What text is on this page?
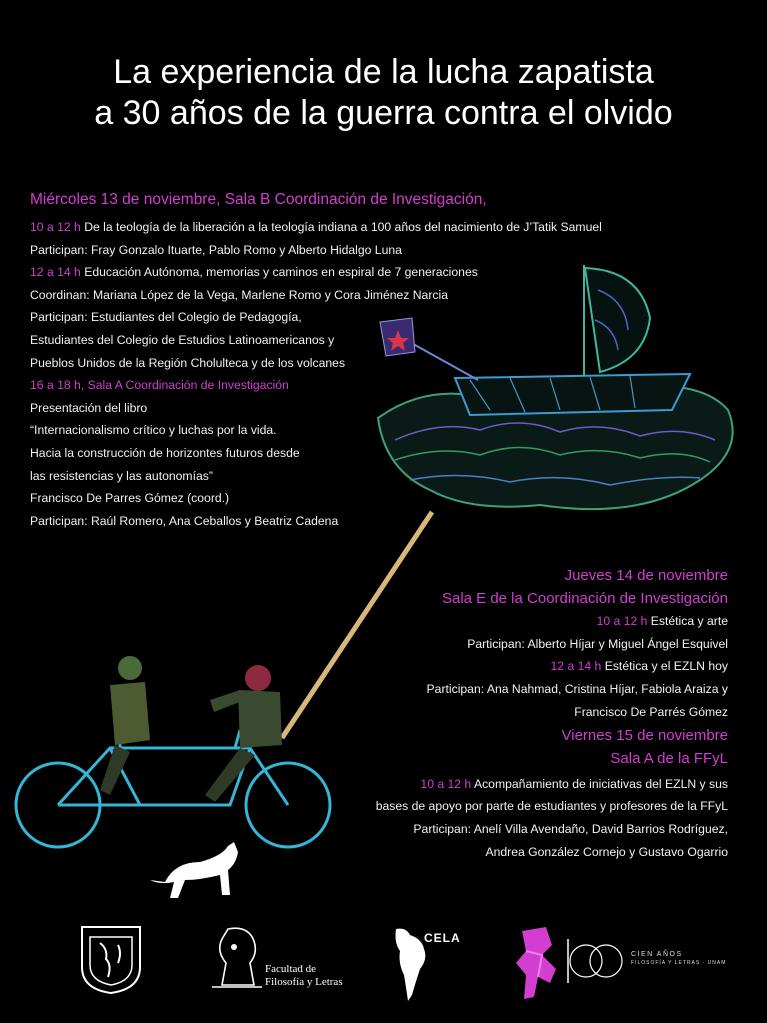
La experiencia de la lucha zapatista
a 30 años de la guerra contra el olvido
Miércoles 13 de noviembre, Sala B Coordinación de Investigación,
10 a 12 h De la teología de la liberación a la teología indiana a 100 años del nacimiento de J’Tatik Samuel
Participan: Fray Gonzalo Ituarte, Pablo Romo y Alberto Hidalgo Luna
12 a 14 h Educación Autónoma, memorias y caminos en espiral de 7 generaciones
Coordinan: Mariana López de la Vega, Marlene Romo y Cora Jiménez Narcia
Participan: Estudiantes del Colegio de Pedagogía,
Estudiantes del Colegio de Estudios Latinoamericanos y
Pueblos Unidos de la Región Cholulteca y de los volcanes
16 a 18 h, Sala A Coordinación de Investigación
Presentación del libro
“Internacionalismo crítico y luchas por la vida.
Hacia la construcción de horizontes futuros desde
las resistencias y las autonomías”
Francisco De Parres Gómez (coord.)
Participan: Raúl Romero, Ana Ceballos y Beatriz Cadena
Jueves 14 de noviembre
Sala E de la Coordinación de Investigación
10 a 12 h Estética y arte
Participan: Alberto Híjar y Miguel Ángel Esquivel
12 a 14 h Estética y el EZLN hoy
Participan: Ana Nahmad, Cristina Híjar, Fabiola Araiza y
Francisco De Parrés Gómez
Viernes 15 de noviembre
Sala A de la FFyL
10 a 12 h Acompañamiento de iniciativas del EZLN y sus
bases de apoyo por parte de estudiantes y profesores de la FFyL
Participan: Anelí Villa Avendaño, David Barrios Rodríguez,
Andrea González Cornejo y Gustavo Ogarrio
Facultad de
Filosofía y Letras
CELA
CIEN AÑOS
FILOSOFÍA Y LETRAS · UNAM
